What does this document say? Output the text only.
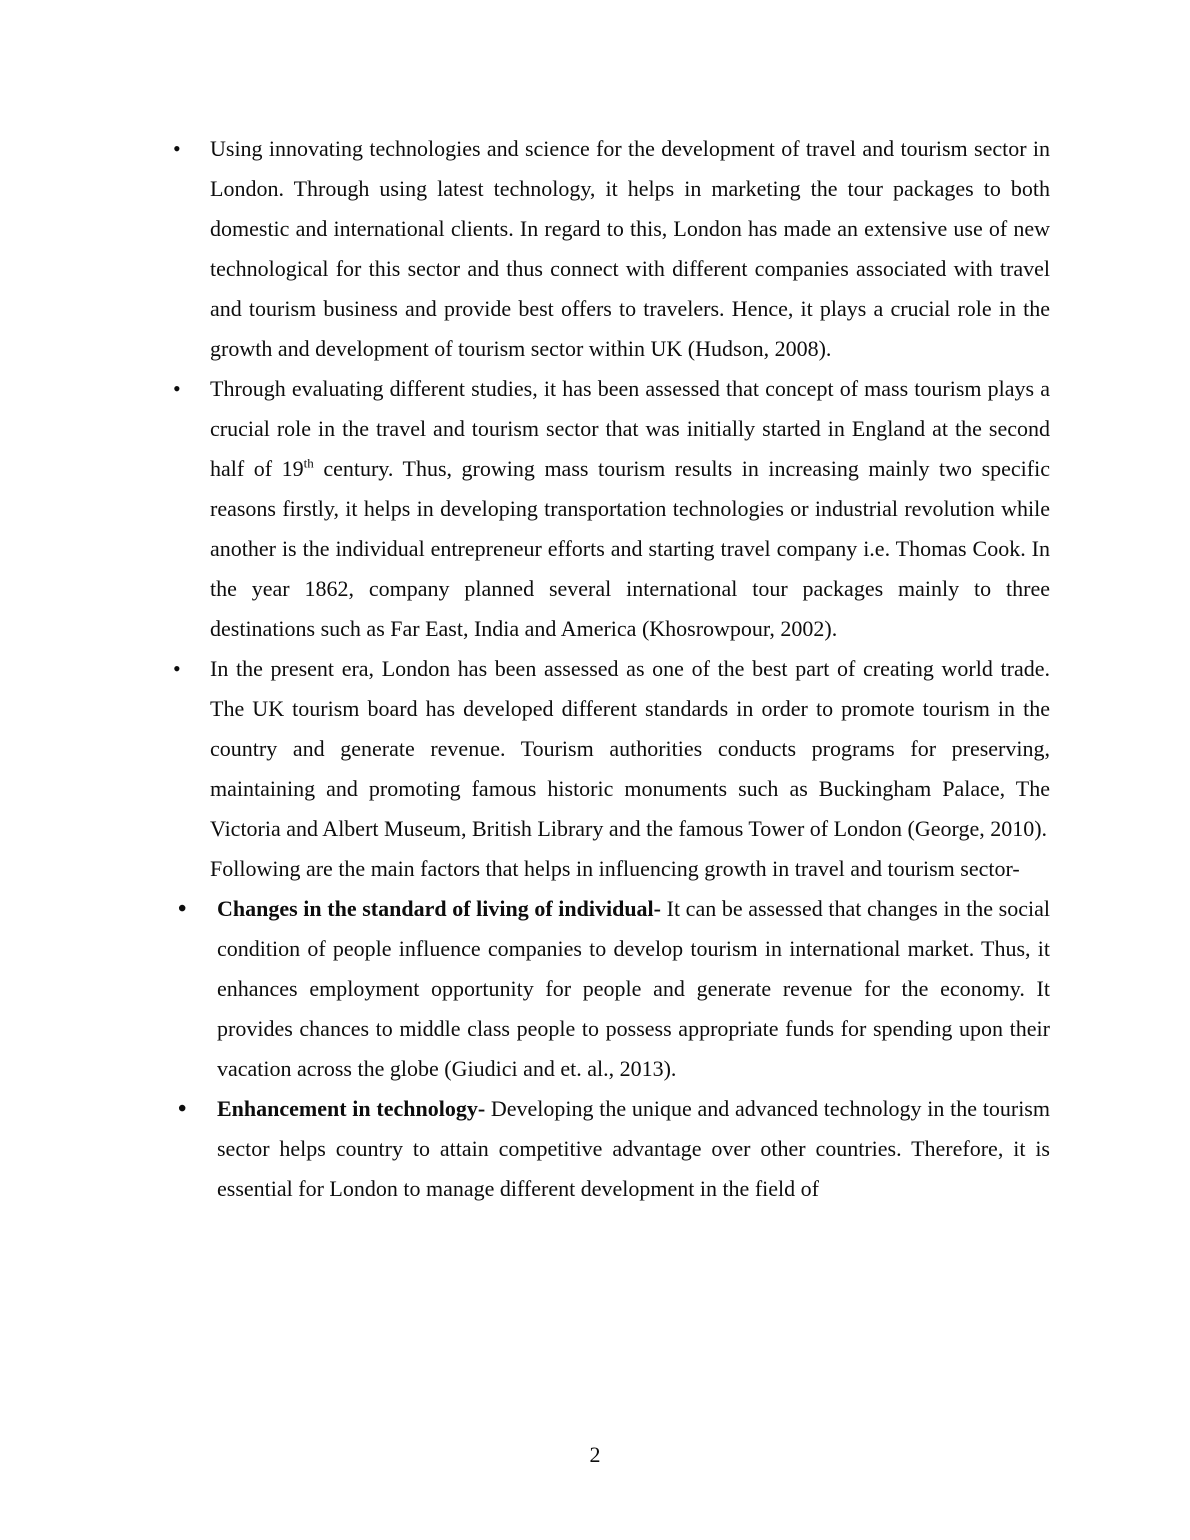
•	Using innovating technologies and science for the development of travel and tourism sector in London. Through using latest technology, it helps in marketing the tour packages to both domestic and international clients. In regard to this, London has made an extensive use of new technological for this sector and thus connect with different companies associated with travel and tourism business and provide best offers to travelers. Hence, it plays a crucial role in the growth and development of tourism sector within UK (Hudson, 2008).
•	Through evaluating different studies, it has been assessed that concept of mass tourism plays a crucial role in the travel and tourism sector that was initially started in England at the second half of 19th century. Thus, growing mass tourism results in increasing mainly two specific reasons firstly, it helps in developing transportation technologies or industrial revolution while another is the individual entrepreneur efforts and starting travel company i.e. Thomas Cook. In the year 1862, company planned several international tour packages mainly to three destinations such as Far East, India and America (Khosrowpour, 2002).
•	In the present era, London has been assessed as one of the best part of creating world trade. The UK tourism board has developed different standards in order to promote tourism in the country and generate revenue. Tourism authorities conducts programs for preserving, maintaining and promoting famous historic monuments such as Buckingham Palace, The Victoria and Albert Museum, British Library and the famous Tower of London (George, 2010).
Following are the main factors that helps in influencing growth in travel and tourism sector-
•	Changes in the standard of living of individual- It can be assessed that changes in the social condition of people influence companies to develop tourism in international market. Thus, it enhances employment opportunity for people and generate revenue for the economy. It provides chances to middle class people to possess appropriate funds for spending upon their vacation across the globe (Giudici and et. al., 2013).
•	Enhancement in technology- Developing the unique and advanced technology in the tourism sector helps country to attain competitive advantage over other countries. Therefore, it is essential for London to manage different development in the field of
2
